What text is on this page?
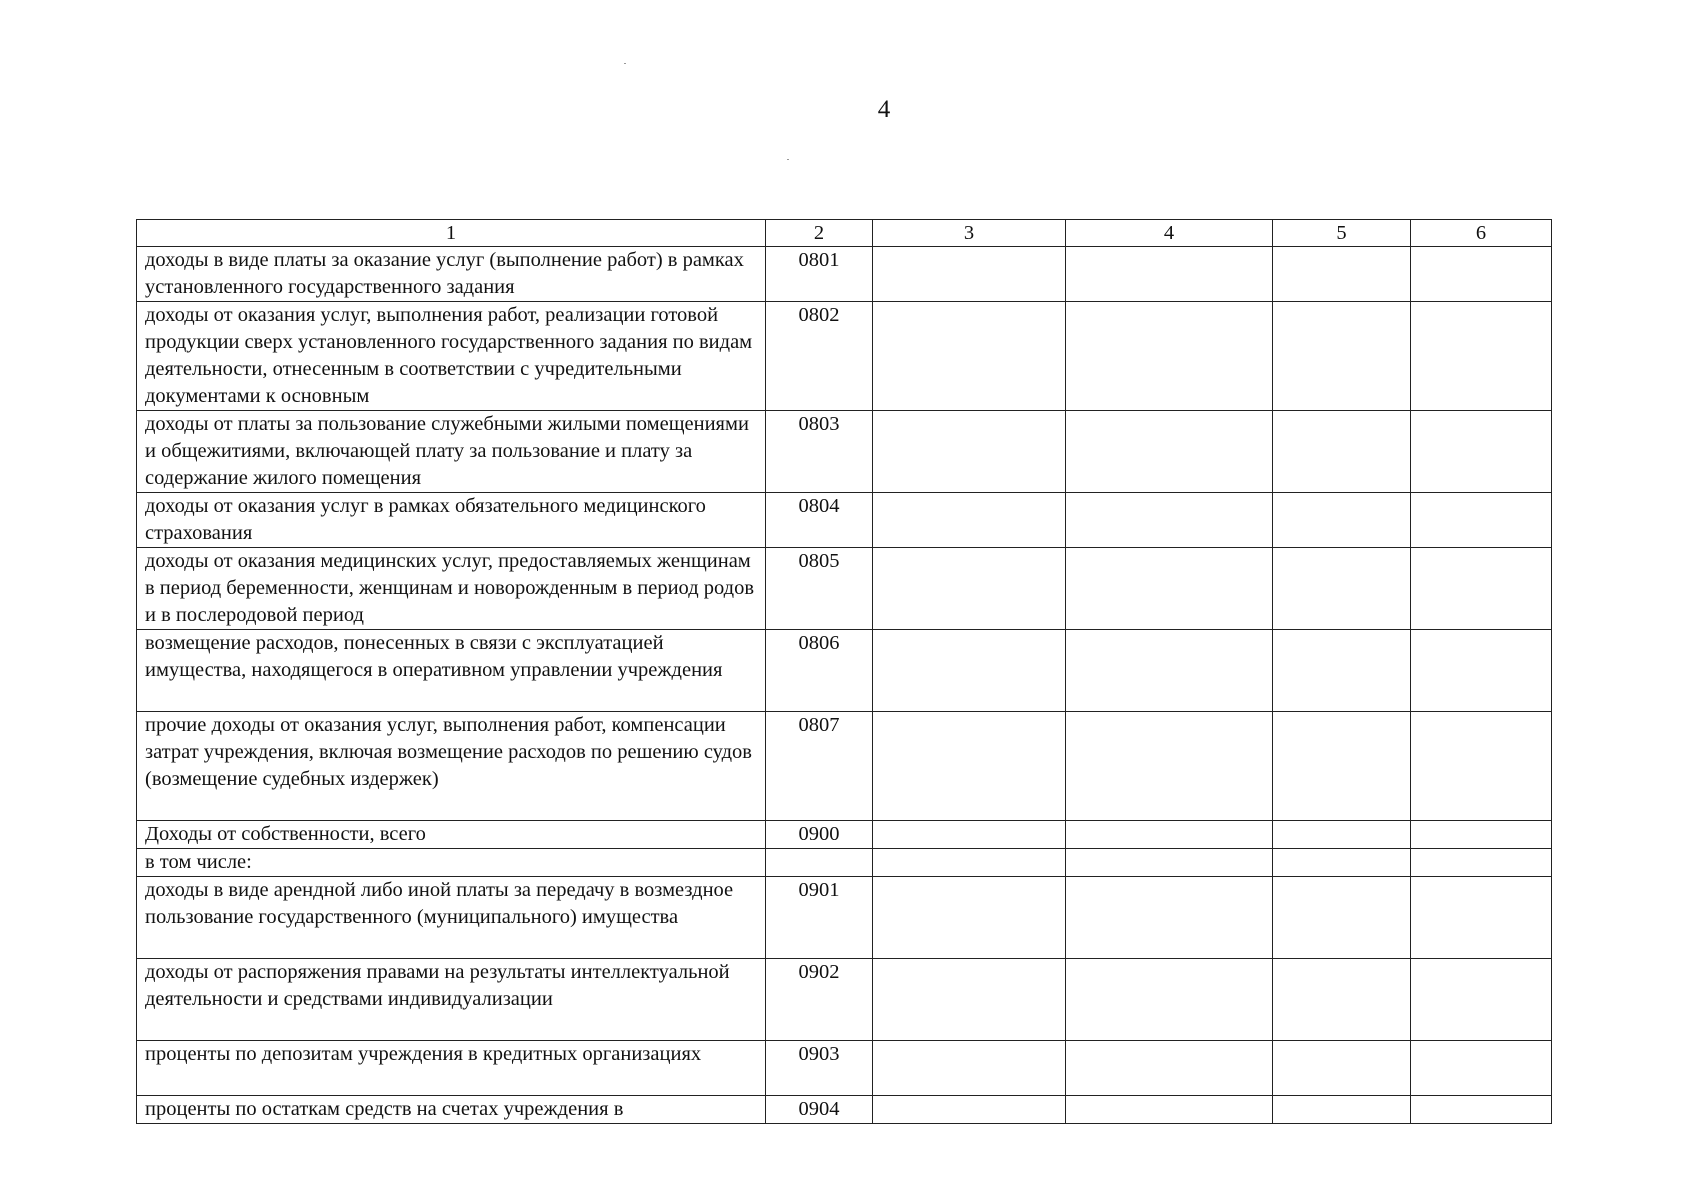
4
1	2	3	4	5	6
доходы в виде платы за оказание услуг (выполнение работ) в рамках установленного государственного задания	0801				
доходы от оказания услуг, выполнения работ, реализации готовой продукции сверх установленного государственного задания по видам деятельности, отнесенным в соответствии с учредительными документами к основным	0802				
доходы от платы за пользование служебными жилыми помещениями и общежитиями, включающей плату за пользование и плату за содержание жилого помещения	0803				
доходы от оказания услуг в рамках обязательного медицинского страхования	0804				
доходы от оказания медицинских услуг, предоставляемых женщинам в период беременности, женщинам и новорожденным в период родов и в послеродовой период	0805				
возмещение расходов, понесенных в связи с эксплуатацией имущества, находящегося в оперативном управлении учреждения	0806				
прочие доходы от оказания услуг, выполнения работ, компенсации затрат учреждения, включая возмещение расходов по решению судов (возмещение судебных издержек)	0807				
Доходы от собственности, всего	0900				
в том числе:					
доходы в виде арендной либо иной платы за передачу в возмездное пользование государственного (муниципального) имущества	0901				
доходы от распоряжения правами на результаты интеллектуальной деятельности и средствами индивидуализации	0902				
проценты по депозитам учреждения в кредитных организациях	0903				
проценты по остаткам средств на счетах учреждения в	0904				
